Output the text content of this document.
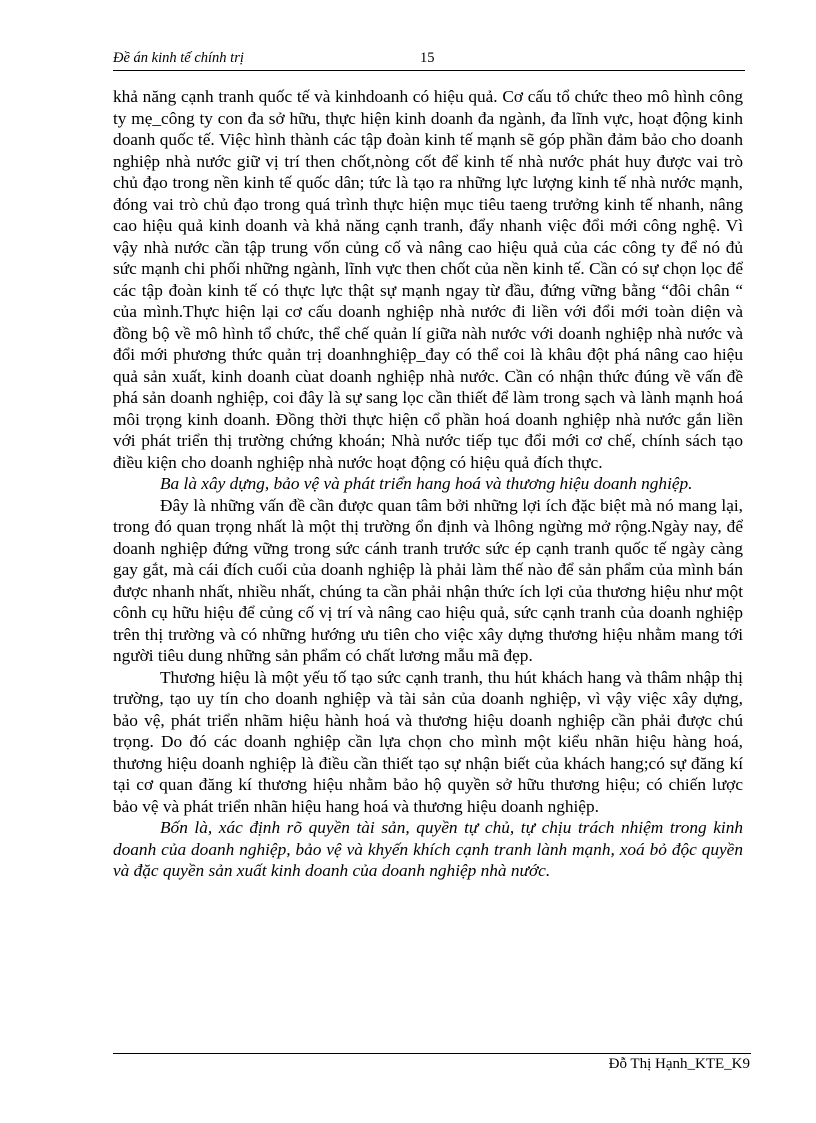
Đề án kinh tế chính trị	15

khả năng cạnh tranh quốc tế và kinhdoanh có hiệu quả. Cơ cấu tổ chức theo mô hình công ty mẹ_công ty con đa sở hữu, thực hiện kinh doanh đa ngành, đa lĩnh vực, hoạt động kinh doanh quốc tế. Việc hình thành các tập đoàn kinh tế mạnh sẽ góp phần đảm bảo cho doanh nghiệp nhà nước giữ vị trí then chốt,nòng cốt để kinh tế nhà nước phát huy được vai trò chủ đạo trong nền kinh tế quốc dân; tức là tạo ra những lực lượng kinh tế nhà nước mạnh, đóng vai trò chủ đạo trong quá trình thực hiện mục tiêu taeng trưởng kinh tế nhanh, nâng cao hiệu quả kinh doanh và khả năng cạnh tranh, đẩy nhanh việc đổi mới công nghệ. Vì vậy nhà nước cần tập trung vốn củng cố và nâng cao hiệu quả của các công ty để nó đủ sức mạnh chi phối những ngành, lĩnh vực then chốt của nền kinh tế. Cần có sự chọn lọc để các tập đoàn kinh tế có thực lực thật sự mạnh ngay từ đầu, đứng vững bằng “đôi chân “ của mình.Thực hiện lại cơ cấu doanh nghiệp nhà nước đi liền với đổi mới toàn diện và đồng bộ về mô hình tổ chức, thể chế quản lí giữa nàh nước với doanh nghiệp nhà nước và đổi mới phương thức quản trị doanhnghiệp_đay có thể coi là khâu đột phá nâng cao hiệu quả sản xuất, kinh doanh cùat doanh nghiệp nhà nước. Cần có nhận thức đúng về vấn đề phá sản doanh nghiệp, coi đây là sự sang lọc cần thiết để làm trong sạch và lành mạnh hoá môi trọng kinh doanh. Đồng thời thực hiện cổ phần hoá doanh nghiệp nhà nước gắn liền với phát triển thị trường chứng khoán; Nhà nước tiếp tục đổi mới cơ chế, chính sách tạo điều kiện cho doanh nghiệp nhà nước hoạt động có hiệu quả đích thực.

Ba là xây dựng, bảo vệ và phát triển hang hoá và thương hiệu doanh nghiệp.

Đây là những vấn đề cần được quan tâm bởi những lợi ích đặc biệt mà nó mang lại, trong đó quan trọng nhất là một thị trường ổn định và lhông ngừng mở rộng.Ngày nay, để doanh nghiệp đứng vững trong sức cánh tranh trước sức ép cạnh tranh quốc tế ngày càng gay gắt, mà cái đích cuối của doanh nghiệp là phải làm thế nào để sản phẩm của mình bán được nhanh nhất, nhiều nhất, chúng ta cần phải nhận thức ích lợi của thương hiệu như một cônh cụ hữu hiệu để củng cố vị trí và nâng cao hiệu quả, sức cạnh tranh của doanh nghiệp trên thị trường và có những hướng ưu tiên cho việc xây dựng thương hiệu nhằm mang tới người tiêu dung những sản phẩm có chất lương mẫu mã đẹp.

Thương hiệu là một yếu tố tạo sức cạnh tranh, thu hút khách hang và thâm nhập thị trường, tạo uy tín cho doanh nghiệp và tài sản của doanh nghiệp, vì vậy việc xây dựng, bảo vệ, phát triển nhãm hiệu hành hoá và thương hiệu doanh nghiệp cần phải được chú trọng. Do đó các doanh nghiệp cần lựa chọn cho mình một kiểu nhãn hiệu hàng hoá, thương hiệu doanh nghiệp là điều cần thiết tạo sự nhận biết của khách hang;có sự đăng kí tại cơ quan đăng kí thương hiệu nhằm bảo hộ quyền sở hữu thương hiệu; có chiến lược bảo vệ và phát triển nhãn hiệu hang hoá và thương hiệu doanh nghiệp.

Bốn là, xác định rõ quyền tài sản, quyền tự chủ, tự chịu trách nhiệm trong kinh doanh của doanh nghiệp, bảo vệ và khyến khích cạnh tranh lành mạnh, xoá bỏ độc quyền và đặc quyền sản xuất kinh doanh của doanh nghiệp nhà nước.

Đỗ Thị Hạnh_KTE_K9
